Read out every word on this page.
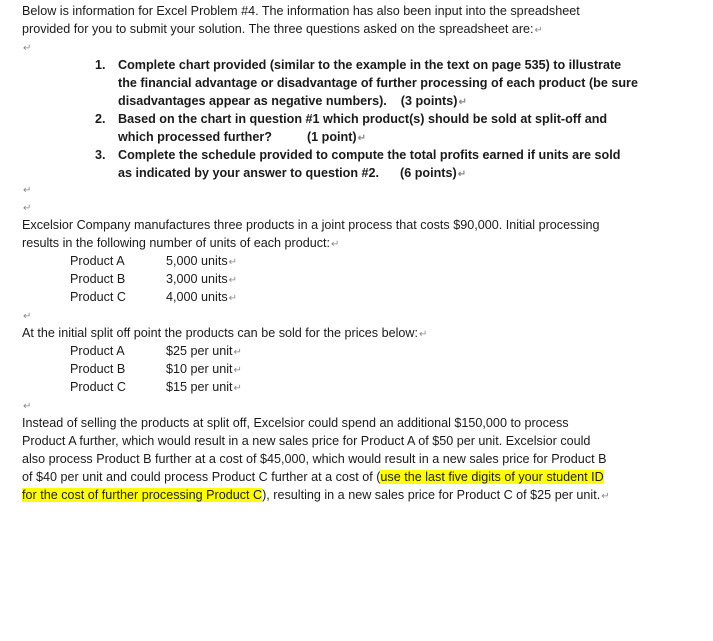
Below is information for Excel Problem #4. The information has also been input into the spreadsheet
provided for you to submit your solution. The three questions asked on the spreadsheet are:↵
↵
1. Complete chart provided (similar to the example in the text on page 535) to illustrate
the financial advantage or disadvantage of further processing of each product (be sure
disadvantages appear as negative numbers).    (3 points)↵
2. Based on the chart in question #1 which product(s) should be sold at split-off and
which processed further?          (1 point)↵
3. Complete the schedule provided to compute the total profits earned if units are sold
as indicated by your answer to question #2.      (6 points)↵
↵
↵
Excelsior Company manufactures three products in a joint process that costs $90,000. Initial processing
results in the following number of units of each product:↵
Product A	5,000 units↵
Product B	3,000 units↵
Product C	4,000 units↵
↵
At the initial split off point the products can be sold for the prices below:↵
Product A	$25 per unit↵
Product B	$10 per unit↵
Product C	$15 per unit↵
↵
Instead of selling the products at split off, Excelsior could spend an additional $150,000 to process
Product A further, which would result in a new sales price for Product A of $50 per unit. Excelsior could
also process Product B further at a cost of $45,000, which would result in a new sales price for Product B
of $40 per unit and could process Product C further at a cost of (use the last five digits of your student ID
for the cost of further processing Product C), resulting in a new sales price for Product C of $25 per unit.↵
